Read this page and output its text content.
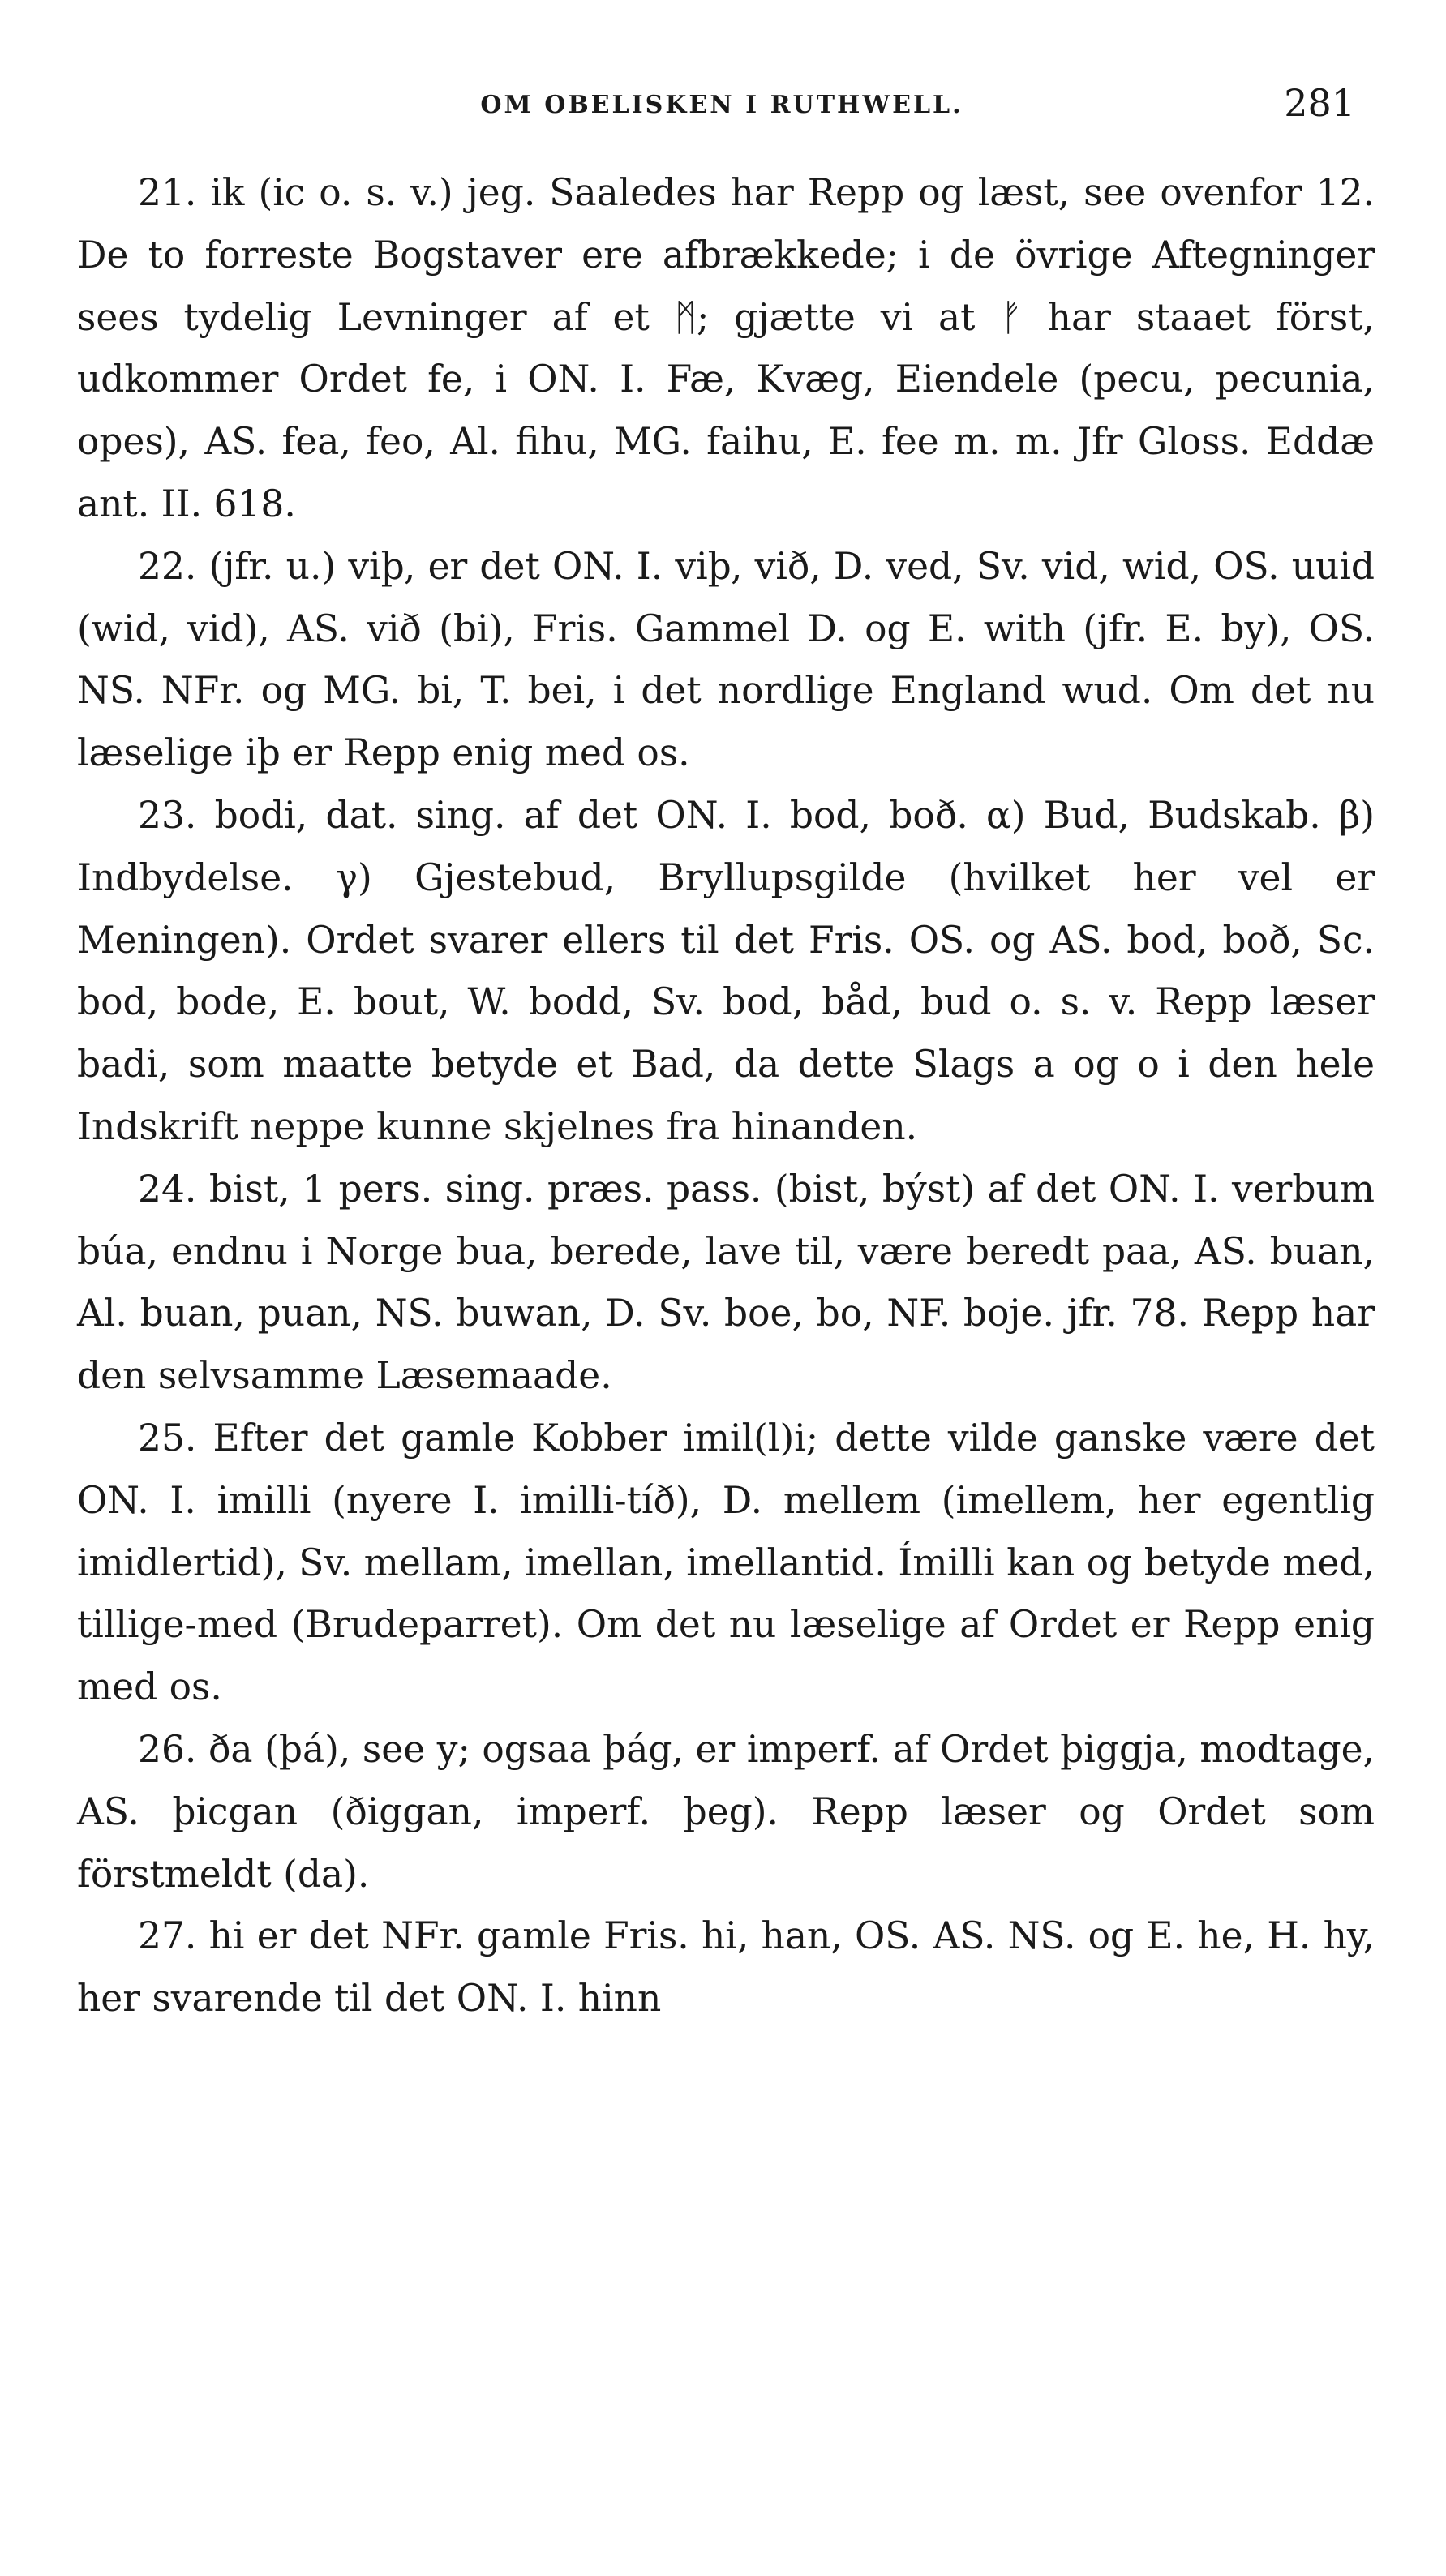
OM OBELISKEN I RUTHWELL.	281

21. ik (ic o. s. v.) jeg. Saaledes har Repp og læst, see ovenfor 12. De to forreste Bogstaver ere afbrækkede; i de övrige Aftegninger sees tydelig Levninger af et ᛗ; gjætte vi at ᚠ har staaet först, udkommer Ordet fe, i ON. I. Fæ, Kvæg, Eiendele (pecu, pecunia, opes), AS. fea, feo, Al. fihu, MG. faihu, E. fee m. m. Jfr Gloss. Eddæ ant. II. 618.

22. (jfr. u.) viþ, er det ON. I. viþ, við, D. ved, Sv. vid, wid, OS. uuid (wid, vid), AS. við (bi), Fris. Gammel D. og E. with (jfr. E. by), OS. NS. NFr. og MG. bi, T. bei, i det nordlige England wud. Om det nu læselige iþ er Repp enig med os.

23. bodi, dat. sing. af det ON. I. bod, boð. α) Bud, Budskab. β) Indbydelse. γ) Gjestebud, Bryllupsgilde (hvilket her vel er Meningen). Ordet svarer ellers til det Fris. OS. og AS. bod, boð, Sc. bod, bode, E. bout, W. bodd, Sv. bod, båd, bud o. s. v. Repp læser badi, som maatte betyde et Bad, da dette Slags a og o i den hele Indskrift neppe kunne skjelnes fra hinanden.

24. bist, 1 pers. sing. præs. pass. (bist, býst) af det ON. I. verbum búa, endnu i Norge bua, berede, lave til, være beredt paa, AS. buan, Al. buan, puan, NS. buwan, D. Sv. boe, bo, NF. boje. jfr. 78. Repp har den selvsamme Læsemaade.

25. Efter det gamle Kobber imil(l)i; dette vilde ganske være det ON. I. imilli (nyere I. imilli-tíð), D. mellem (imellem, her egentlig imidlertid), Sv. mellam, imellan, imellantid. Ímilli kan og betyde med, tillige-med (Brudeparret). Om det nu læselige af Ordet er Repp enig med os.

26. ða (þá), see y; ogsaa þág, er imperf. af Ordet þiggja, modtage, AS. þicgan (ðiggan, imperf. þeg). Repp læser og Ordet som förstmeldt (da).

27. hi er det NFr. gamle Fris. hi, han, OS. AS. NS. og E. he, H. hy, her svarende til det ON. I. hinn
